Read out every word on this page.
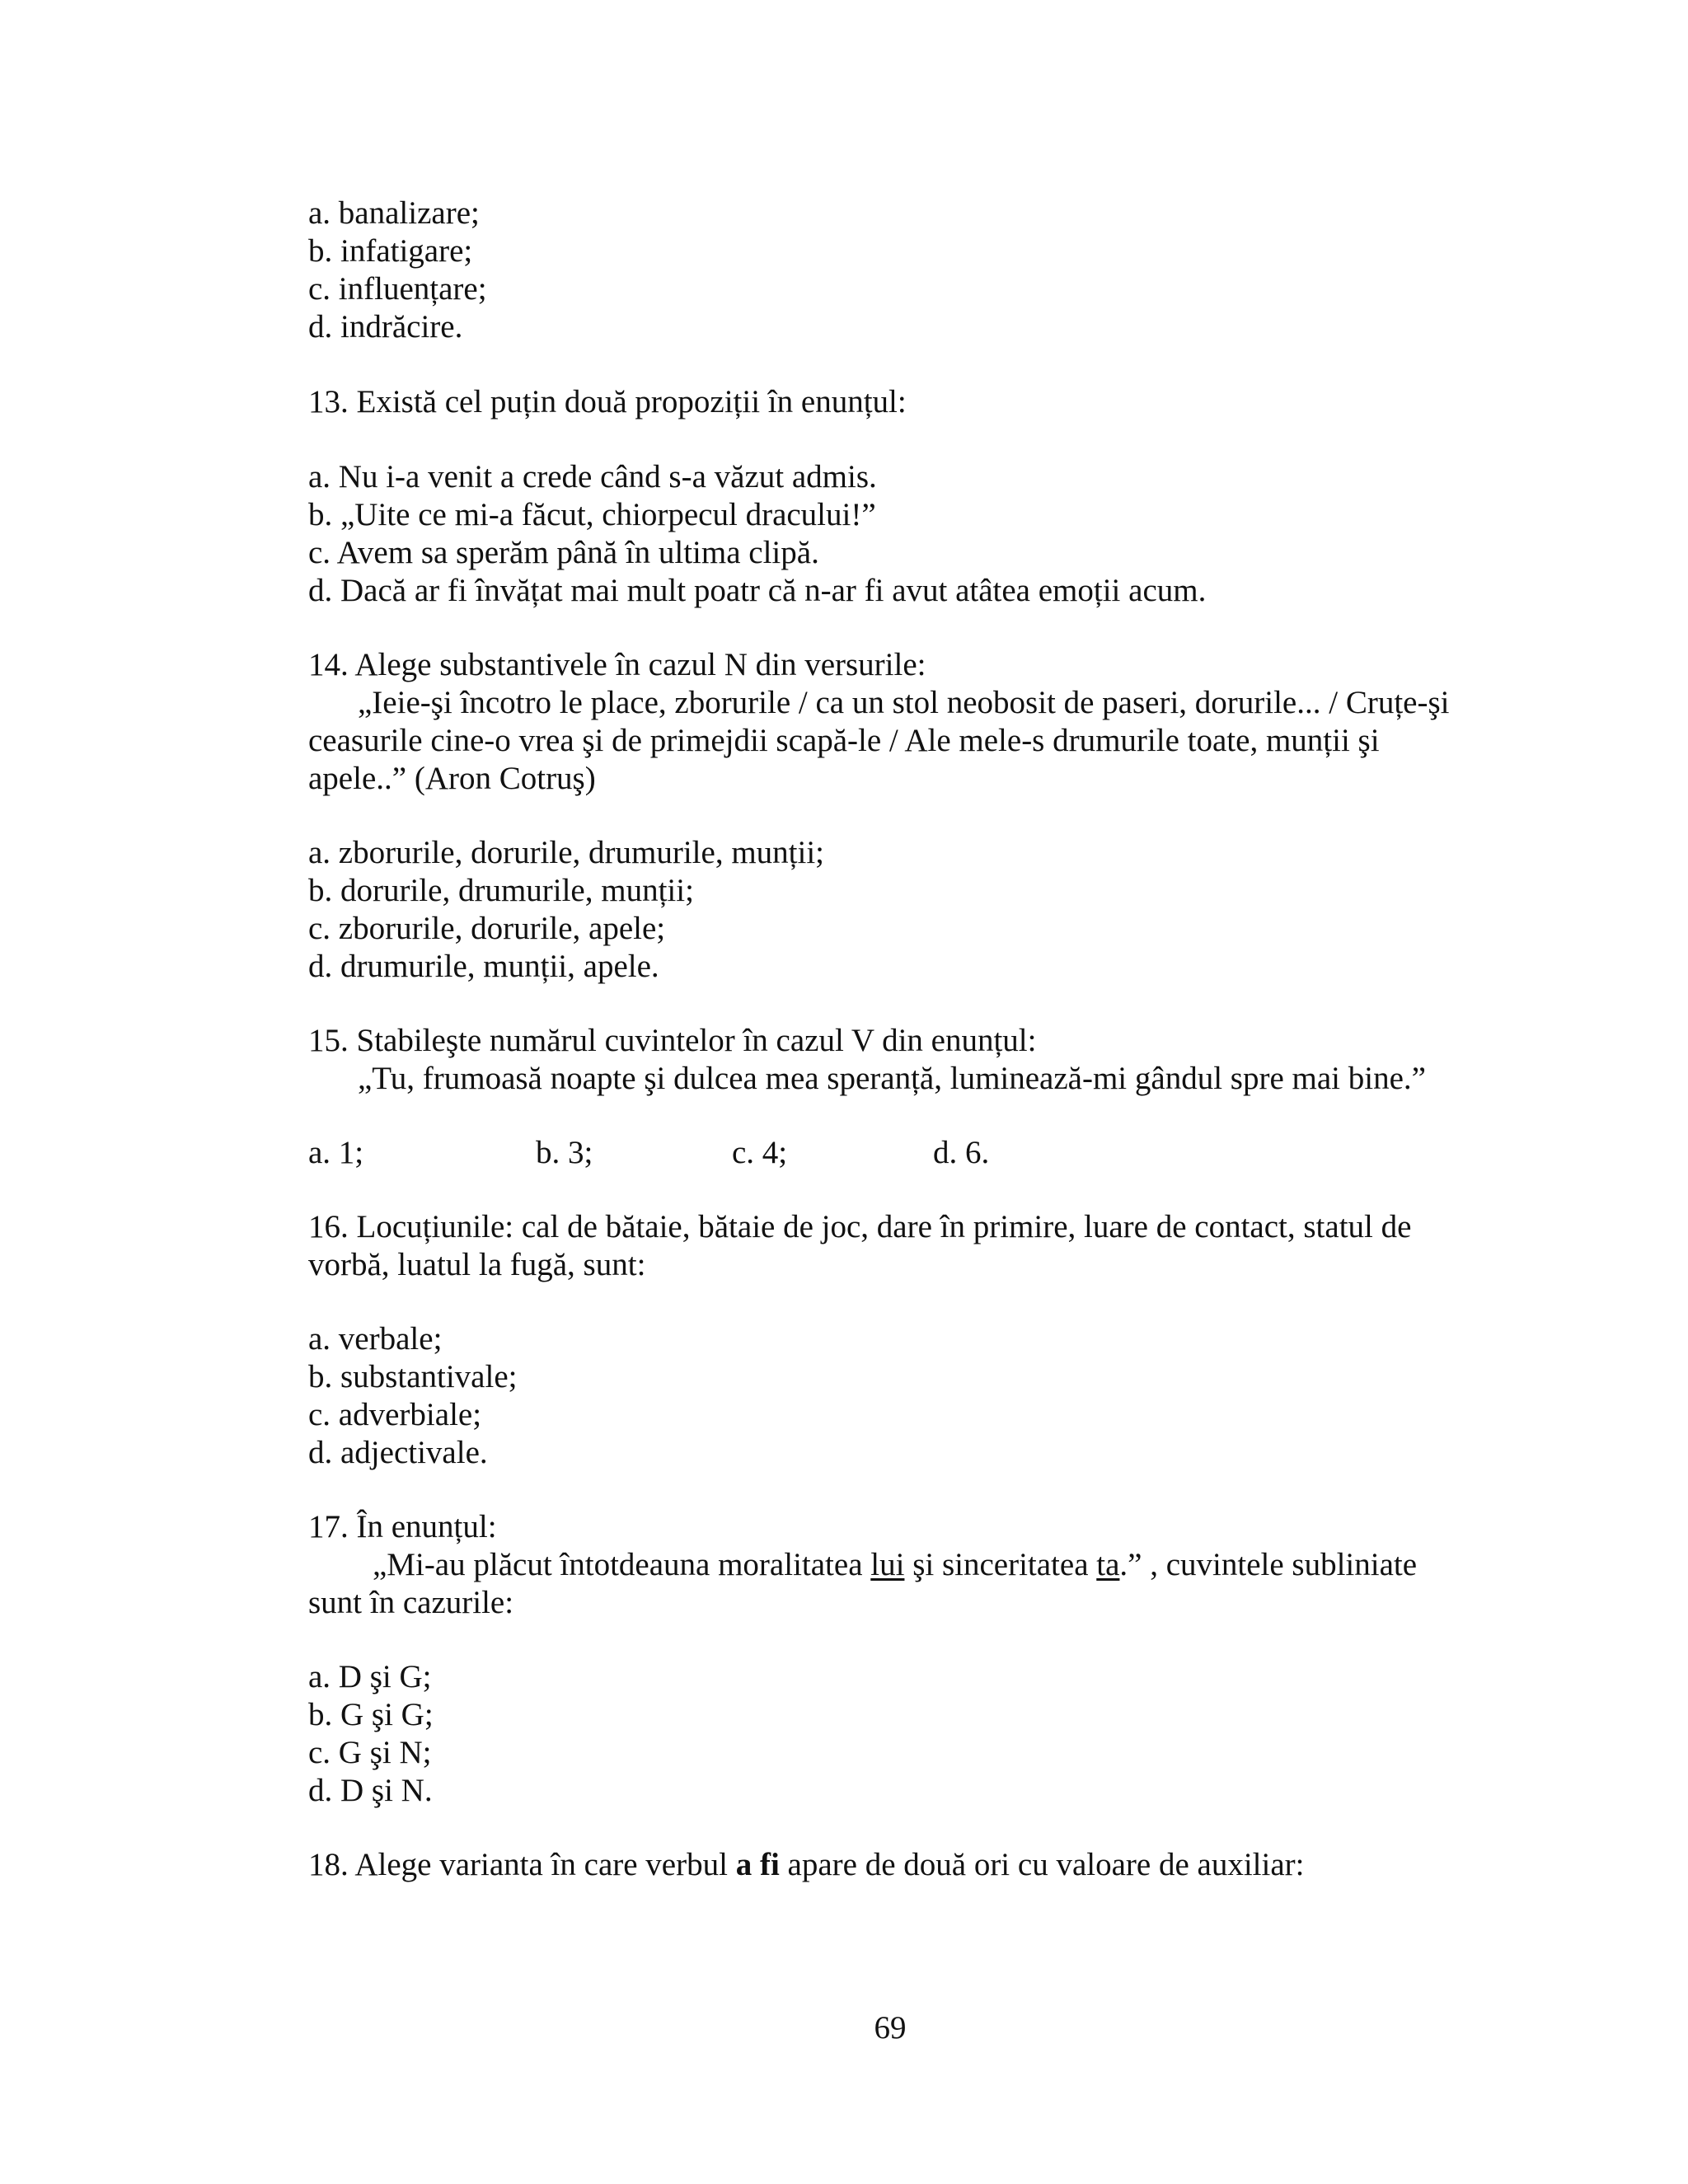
a. banalizare;
b. infatigare;
c. influențare;
d. indrăcire.
13. Există cel puțin două propoziții în enunțul:
a. Nu i-a venit a crede când s-a văzut admis.
b. „Uite ce mi-a făcut, chiorpecul dracului!”
c. Avem sa sperăm până în ultima clipă.
d. Dacă ar fi învățat mai mult poatr că n-ar fi avut atâtea emoții acum.
14. Alege substantivele în cazul N din versurile:
„Ieie-şi încotro le place, zborurile / ca un stol neobosit de paseri, dorurile... / Cruțe-şi
ceasurile cine-o vrea şi de primejdii scapă-le / Ale mele-s drumurile toate, munții şi
apele..” (Aron Cotruş)
a. zborurile, dorurile, drumurile, munții;
b. dorurile, drumurile, munții;
c. zborurile, dorurile, apele;
d. drumurile, munții, apele.
15. Stabileşte numărul cuvintelor în cazul V din enunțul:
„Tu, frumoasă noapte şi dulcea mea speranță, luminează-mi gândul spre mai bine.”
a. 1;	b. 3;	c. 4;	d. 6.
16. Locuțiunile: cal de bătaie, bătaie de joc, dare în primire, luare de contact, statul de
vorbă, luatul la fugă, sunt:
a. verbale;
b. substantivale;
c. adverbiale;
d. adjectivale.
17. În enunțul:
„Mi-au plăcut întotdeauna moralitatea lui şi sinceritatea ta.” , cuvintele subliniate
sunt în cazurile:
a. D şi G;
b. G şi G;
c. G şi N;
d. D şi N.
18. Alege varianta în care verbul a fi apare de două ori cu valoare de auxiliar:
69
